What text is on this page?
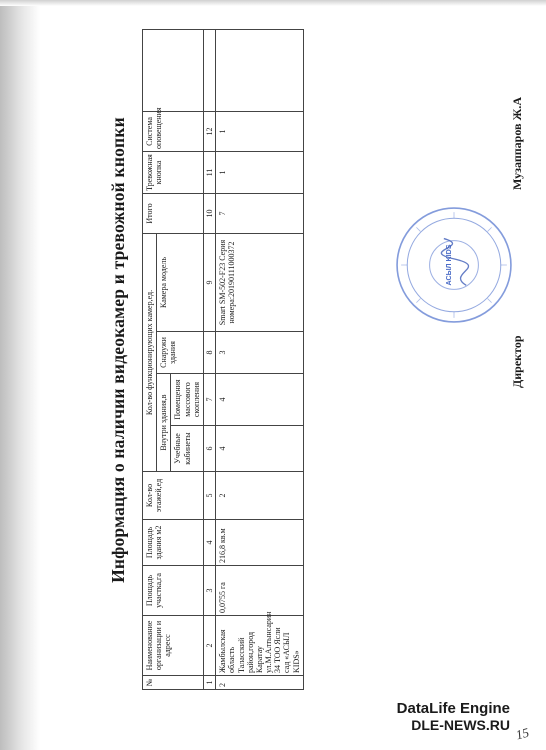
Информация о наличии видеокамер и тревожной кнопки
№	Наименование организации и адресс	Площадь участка,га	Площадь здания м2	Кол-во этажей,ед	Кол-во функционирующих камер,ед.				Итого	Тревожная кнопка	Система оповещения	
					Внутри здания,в		Снаружи здания	Камера модель				
					Учебные кабинеты	Помещения массового скопления						
1	2	3	4	5	6	7	8	9	10	11	12	
2	Жамбылская область Таласский район,город Каратау ул.М.Алтынсарин 34 ТОО Ясли сад «АСЫЛ KIDS»	0,0755 га	216,8 кв.м	2	4	4	3	Smart SM-502-F23 Серия номера:20190111000372	7	1	1	
Директор
АСЫЛ KIDS
Музаппаров Ж.А
DataLife Engine
DLE-NEWS.RU 15
